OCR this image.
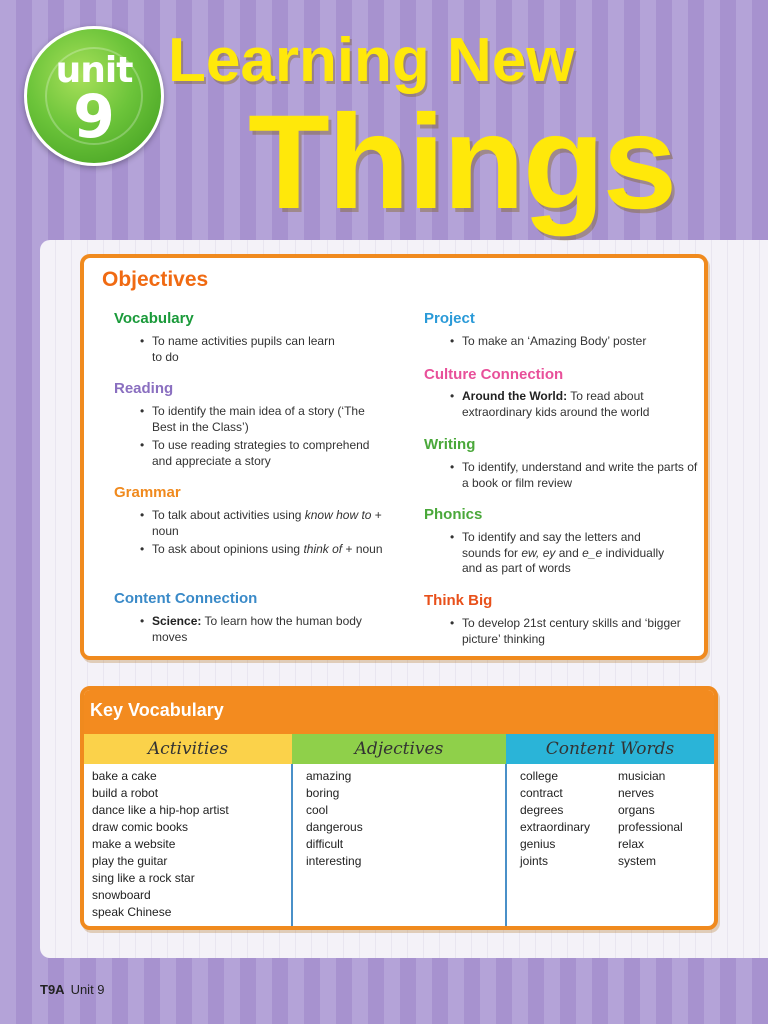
unit
9
Learning New
Things
Objectives
Vocabulary
• To name activities pupils can learn to do
Reading
• To identify the main idea of a story (‘The Best in the Class’)
• To use reading strategies to comprehend and appreciate a story
Grammar
• To talk about activities using know how to + noun
• To ask about opinions using think of + noun
Content Connection
• Science: To learn how the human body moves
Project
• To make an ‘Amazing Body’ poster
Culture Connection
• Around the World: To read about extraordinary kids around the world
Writing
• To identify, understand and write the parts of a book or film review
Phonics
• To identify and say the letters and sounds for ew, ey and e_e individually and as part of words
Think Big
• To develop 21st century skills and ‘bigger picture’ thinking
Key Vocabulary
Activities	Adjectives	Content Words
bake a cake
build a robot
dance like a hip-hop artist
draw comic books
make a website
play the guitar
sing like a rock star
snowboard
speak Chinese
amazing
boring
cool
dangerous
difficult
interesting
college
contract
degrees
extraordinary
genius
joints
musician
nerves
organs
professional
relax
system
T9A Unit 9
